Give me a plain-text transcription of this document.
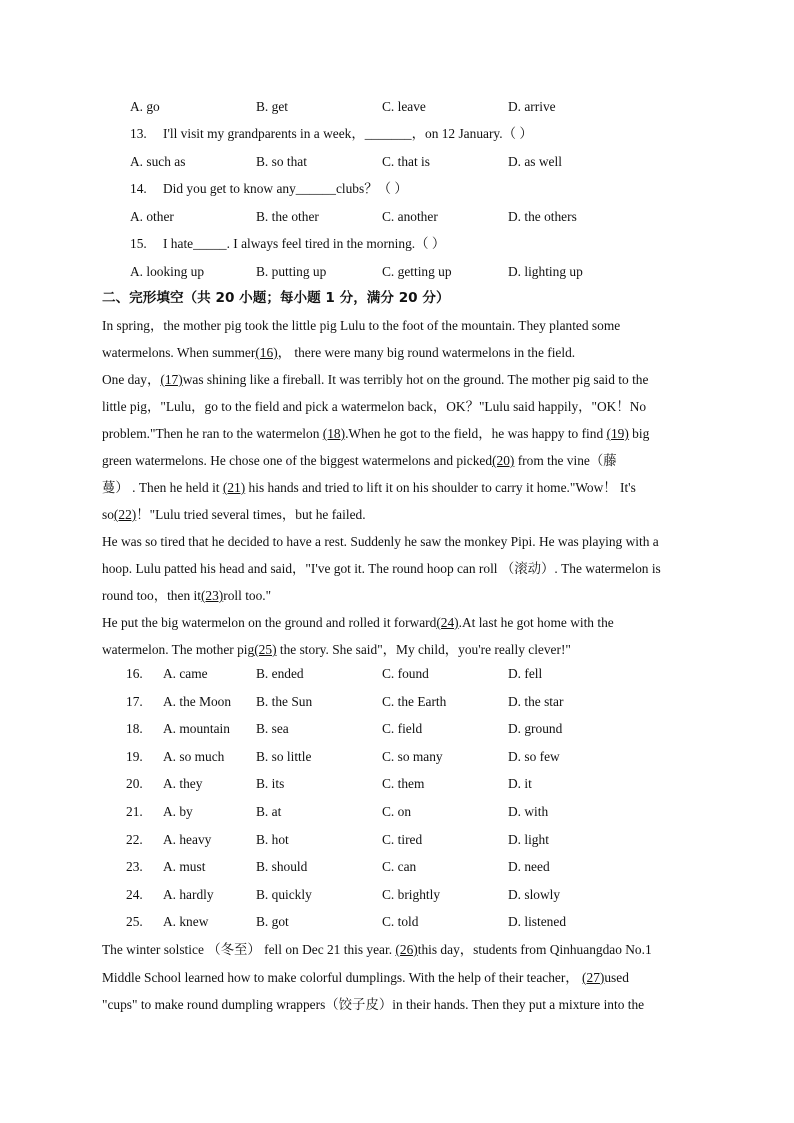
A. go	B. get	C. leave	D. arrive
13. I'll visit my grandparents in a week，_______，on 12 January.（ ）
A. such as	B. so that	C. that is	D. as well
14. Did you get to know any______clubs？（ ）
A. other	B. the other	C. another	D. the others
15. I hate_____. I always feel tired in the morning.（ ）
A. looking up	B. putting up	C. getting up	D. lighting up
二、完形填空（共 20 小题；每小题 1 分，满分 20 分）
In spring，the mother pig took the little pig Lulu to the foot of the mountain. They planted some
watermelons. When summer(16)， there were many big round watermelons in the field.
One day，(17)was shining like a fireball. It was terribly hot on the ground. The mother pig said to the
little pig，"Lulu，go to the field and pick a watermelon back，OK？"Lulu said happily，"OK！No
problem."Then he ran to the watermelon (18).When he got to the field，he was happy to find (19) big
green watermelons. He chose one of the biggest watermelons and picked(20) from the vine（藤
蔓） . Then he held it (21) his hands and tried to lift it on his shoulder to carry it home."Wow！ It's
so(22)！"Lulu tried several times，but he failed.
He was so tired that he decided to have a rest. Suddenly he saw the monkey Pipi. He was playing with a
hoop. Lulu patted his head and said，"I've got it. The round hoop can roll （滚动）. The watermelon is
round too，then it(23)roll too."
He put the big watermelon on the ground and rolled it forward(24).At last he got home with the
watermelon. The mother pig(25) the story. She said"，My child，you're really clever!"
16.	A. came	B. ended	C. found	D. fell
17.	A. the Moon B. the Sun	C. the Earth	D. the star
18.	A. mountain B. sea	C. field	D. ground
19.	A. so much B. so little	C. so many	D. so few
20.	A. they	B. its	C. them	D. it
21.	A. by	B. at	C. on	D. with
22.	A. heavy	B. hot	C. tired	D. light
23.	A. must	B. should	C. can	D. need
24.	A. hardly	B. quickly	C. brightly	D. slowly
25.	A. knew	B. got	C. told	D. listened
The winter solstice （冬至） fell on Dec 21 this year. (26)this day，students from Qinhuangdao No.1
Middle School learned how to make colorful dumplings. With the help of their teacher， (27)used
"cups" to make round dumpling wrappers（饺子皮）in their hands. Then they put a mixture into the
